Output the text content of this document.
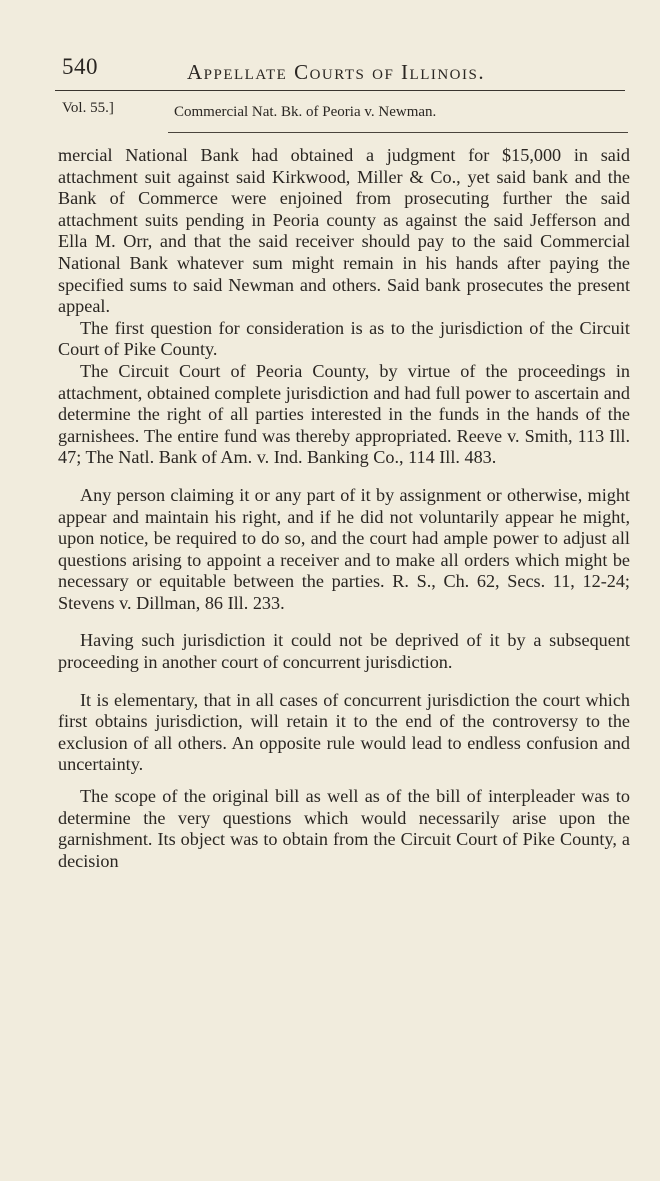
540	Appellate Courts of Illinois.
Vol. 55.]	Commercial Nat. Bk. of Peoria v. Newman.

mercial National Bank had obtained a judgment for $15,000 in said attachment suit against said Kirkwood, Miller & Co., yet said bank and the Bank of Commerce were enjoined from prosecuting further the said attachment suits pending in Peoria county as against the said Jefferson and Ella M. Orr, and that the said receiver should pay to the said Commercial National Bank whatever sum might remain in his hands after paying the specified sums to said Newman and others. Said bank prosecutes the present appeal.

The first question for consideration is as to the jurisdiction of the Circuit Court of Pike County.

The Circuit Court of Peoria County, by virtue of the proceedings in attachment, obtained complete jurisdiction and had full power to ascertain and determine the right of all parties interested in the funds in the hands of the garnishees. The entire fund was thereby appropriated. Reeve v. Smith, 113 Ill. 47; The Natl. Bank of Am. v. Ind. Banking Co., 114 Ill. 483.

Any person claiming it or any part of it by assignment or otherwise, might appear and maintain his right, and if he did not voluntarily appear he might, upon notice, be required to do so, and the court had ample power to adjust all questions arising to appoint a receiver and to make all orders which might be necessary or equitable between the parties. R. S., Ch. 62, Secs. 11, 12-24; Stevens v. Dillman, 86 Ill. 233.

Having such jurisdiction it could not be deprived of it by a subsequent proceeding in another court of concurrent jurisdiction.

It is elementary, that in all cases of concurrent jurisdiction the court which first obtains jurisdiction, will retain it to the end of the controversy to the exclusion of all others. An opposite rule would lead to endless confusion and uncertainty.

The scope of the original bill as well as of the bill of interpleader was to determine the very questions which would necessarily arise upon the garnishment. Its object was to obtain from the Circuit Court of Pike County, a decision
